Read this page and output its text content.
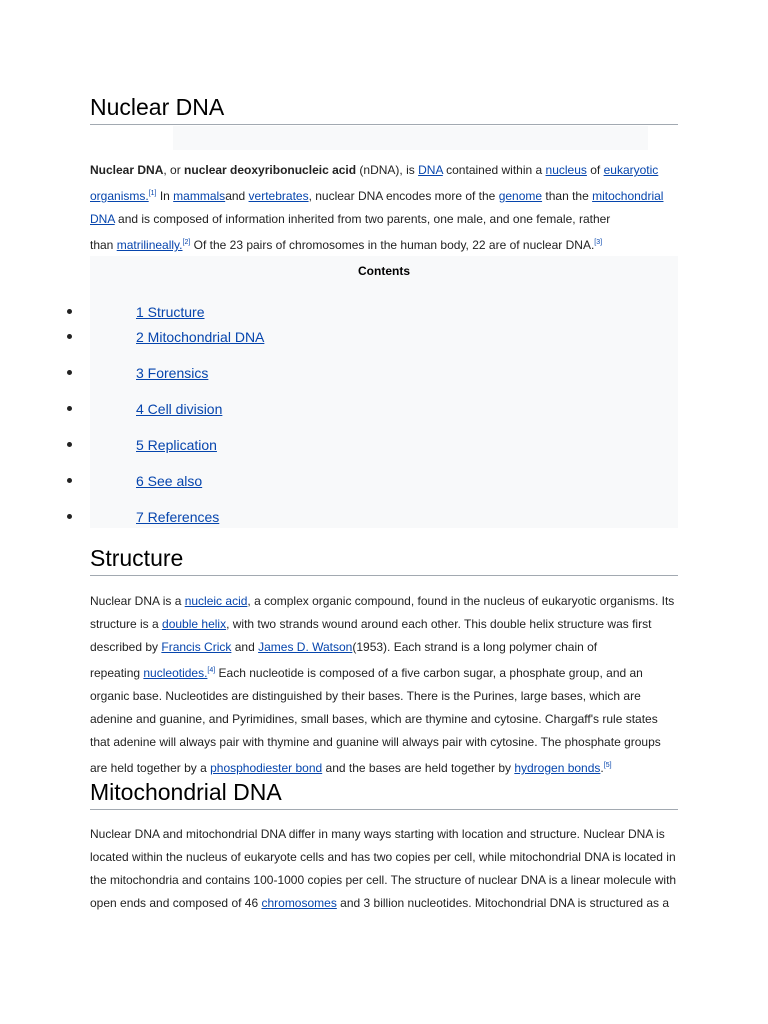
Nuclear DNA

Nuclear DNA, or nuclear deoxyribonucleic acid (nDNA), is DNA contained within a nucleus of eukaryotic

organisms.[1] In mammalsand vertebrates, nuclear DNA encodes more of the genome than the mitochondrial

DNA and is composed of information inherited from two parents, one male, and one female, rather

than matrilineally.[2] Of the 23 pairs of chromosomes in the human body, 22 are of nuclear DNA.[3]

Contents
1 Structure
2 Mitochondrial DNA
3 Forensics
4 Cell division
5 Replication
6 See also
7 References
Structure

Nuclear DNA is a nucleic acid, a complex organic compound, found in the nucleus of eukaryotic organisms. Its

structure is a double helix, with two strands wound around each other. This double helix structure was first

described by Francis Crick and James D. Watson(1953). Each strand is a long polymer chain of

repeating nucleotides.[4] Each nucleotide is composed of a five carbon sugar, a phosphate group, and an

organic base. Nucleotides are distinguished by their bases. There is the Purines, large bases, which are

adenine and guanine, and Pyrimidines, small bases, which are thymine and cytosine. Chargaff's rule states

that adenine will always pair with thymine and guanine will always pair with cytosine. The phosphate groups

are held together by a phosphodiester bond and the bases are held together by hydrogen bonds.[5]

Mitochondrial DNA

Nuclear DNA and mitochondrial DNA differ in many ways starting with location and structure. Nuclear DNA is

located within the nucleus of eukaryote cells and has two copies per cell, while mitochondrial DNA is located in

the mitochondria and contains 100-1000 copies per cell. The structure of nuclear DNA is a linear molecule with

open ends and composed of 46 chromosomes and 3 billion nucleotides. Mitochondrial DNA is structured as a
